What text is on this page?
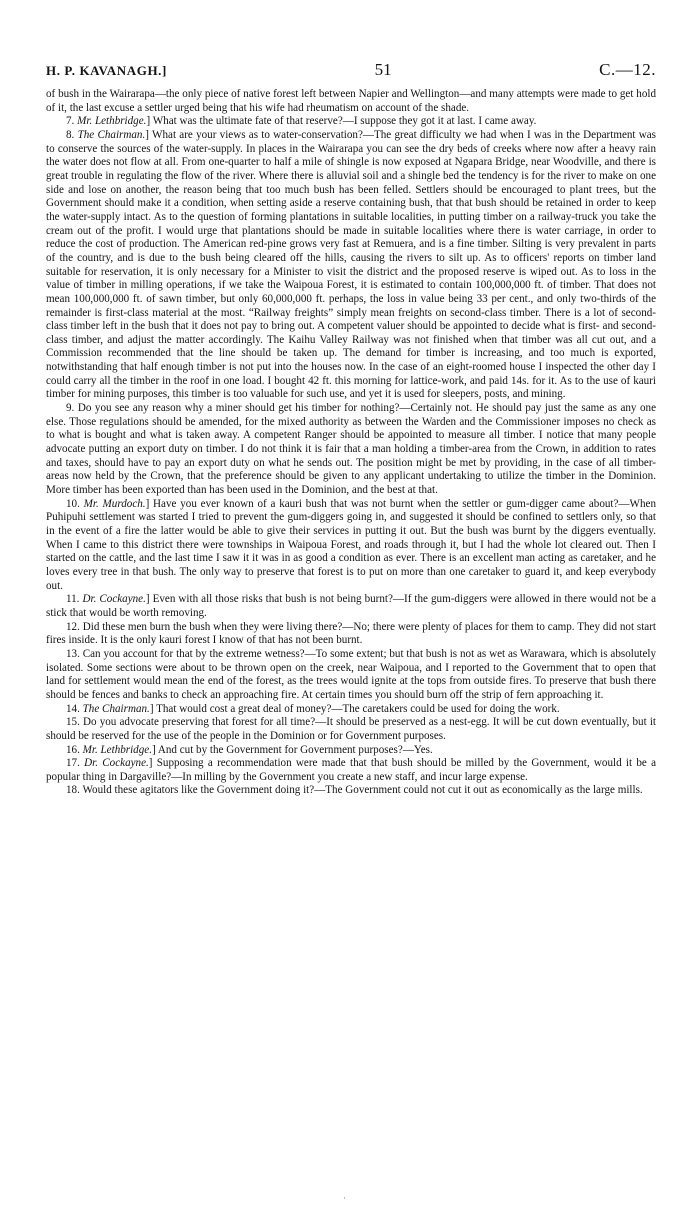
H. P. KAVANAGH.]	51	C.—12.

of bush in the Wairarapa—the only piece of native forest left between Napier and Wellington—and many attempts were made to get hold of it, the last excuse a settler urged being that his wife had rheumatism on account of the shade.

7. Mr. Lethbridge.] What was the ultimate fate of that reserve?—I suppose they got it at last. I came away.

8. The Chairman.] What are your views as to water-conservation?—The great difficulty we had when I was in the Department was to conserve the sources of the water-supply. In places in the Wairarapa you can see the dry beds of creeks where now after a heavy rain the water does not flow at all. From one-quarter to half a mile of shingle is now exposed at Ngapara Bridge, near Woodville, and there is great trouble in regulating the flow of the river. Where there is alluvial soil and a shingle bed the tendency is for the river to make on one side and lose on another, the reason being that too much bush has been felled. Settlers should be encouraged to plant trees, but the Government should make it a condition, when setting aside a reserve containing bush, that that bush should be retained in order to keep the water-supply intact. As to the question of forming plantations in suitable localities, in putting timber on a railway-truck you take the cream out of the profit. I would urge that plantations should be made in suitable localities where there is water carriage, in order to reduce the cost of production. The American red-pine grows very fast at Remuera, and is a fine timber. Silting is very prevalent in parts of the country, and is due to the bush being cleared off the hills, causing the rivers to silt up. As to officers' reports on timber land suitable for reservation, it is only necessary for a Minister to visit the district and the proposed reserve is wiped out. As to loss in the value of timber in milling operations, if we take the Waipoua Forest, it is estimated to contain 100,000,000 ft. of timber. That does not mean 100,000,000 ft. of sawn timber, but only 60,000,000 ft. perhaps, the loss in value being 33 per cent., and only two-thirds of the remainder is first-class material at the most. “Railway freights” simply mean freights on second-class timber. There is a lot of second-class timber left in the bush that it does not pay to bring out. A competent valuer should be appointed to decide what is first- and second-class timber, and adjust the matter accordingly. The Kaihu Valley Railway was not finished when that timber was all cut out, and a Commission recommended that the line should be taken up. The demand for timber is increasing, and too much is exported, notwithstanding that half enough timber is not put into the houses now. In the case of an eight-roomed house I inspected the other day I could carry all the timber in the roof in one load. I bought 42 ft. this morning for lattice-work, and paid 14s. for it. As to the use of kauri timber for mining purposes, this timber is too valuable for such use, and yet it is used for sleepers, posts, and mining.

9. Do you see any reason why a miner should get his timber for nothing?—Certainly not. He should pay just the same as any one else. Those regulations should be amended, for the mixed authority as between the Warden and the Commissioner imposes no check as to what is bought and what is taken away. A competent Ranger should be appointed to measure all timber. I notice that many people advocate putting an export duty on timber. I do not think it is fair that a man holding a timber-area from the Crown, in addition to rates and taxes, should have to pay an export duty on what he sends out. The position might be met by providing, in the case of all timber-areas now held by the Crown, that the preference should be given to any applicant undertaking to utilize the timber in the Dominion. More timber has been exported than has been used in the Dominion, and the best at that.

10. Mr. Murdoch.] Have you ever known of a kauri bush that was not burnt when the settler or gum-digger came about?—When Puhipuhi settlement was started I tried to prevent the gum-diggers going in, and suggested it should be confined to settlers only, so that in the event of a fire the latter would be able to give their services in putting it out. But the bush was burnt by the diggers eventually. When I came to this district there were townships in Waipoua Forest, and roads through it, but I had the whole lot cleared out. Then I started on the cattle, and the last time I saw it it was in as good a condition as ever. There is an excellent man acting as caretaker, and he loves every tree in that bush. The only way to preserve that forest is to put on more than one caretaker to guard it, and keep everybody out.

11. Dr. Cockayne.] Even with all those risks that bush is not being burnt?—If the gum-diggers were allowed in there would not be a stick that would be worth removing.

12. Did these men burn the bush when they were living there?—No; there were plenty of places for them to camp. They did not start fires inside. It is the only kauri forest I know of that has not been burnt.

13. Can you account for that by the extreme wetness?—To some extent; but that bush is not as wet as Warawara, which is absolutely isolated. Some sections were about to be thrown open on the creek, near Waipoua, and I reported to the Government that to open that land for settlement would mean the end of the forest, as the trees would ignite at the tops from outside fires. To preserve that bush there should be fences and banks to check an approaching fire. At certain times you should burn off the strip of fern approaching it.

14. The Chairman.] That would cost a great deal of money?—The caretakers could be used for doing the work.

15. Do you advocate preserving that forest for all time?—It should be preserved as a nest-egg. It will be cut down eventually, but it should be reserved for the use of the people in the Dominion or for Government purposes.

16. Mr. Lethbridge.] And cut by the Government for Government purposes?—Yes.

17. Dr. Cockayne.] Supposing a recommendation were made that that bush should be milled by the Government, would it be a popular thing in Dargaville?—In milling by the Government you create a new staff, and incur large expense.

18. Would these agitators like the Government doing it?—The Government could not cut it out as economically as the large mills.

·
